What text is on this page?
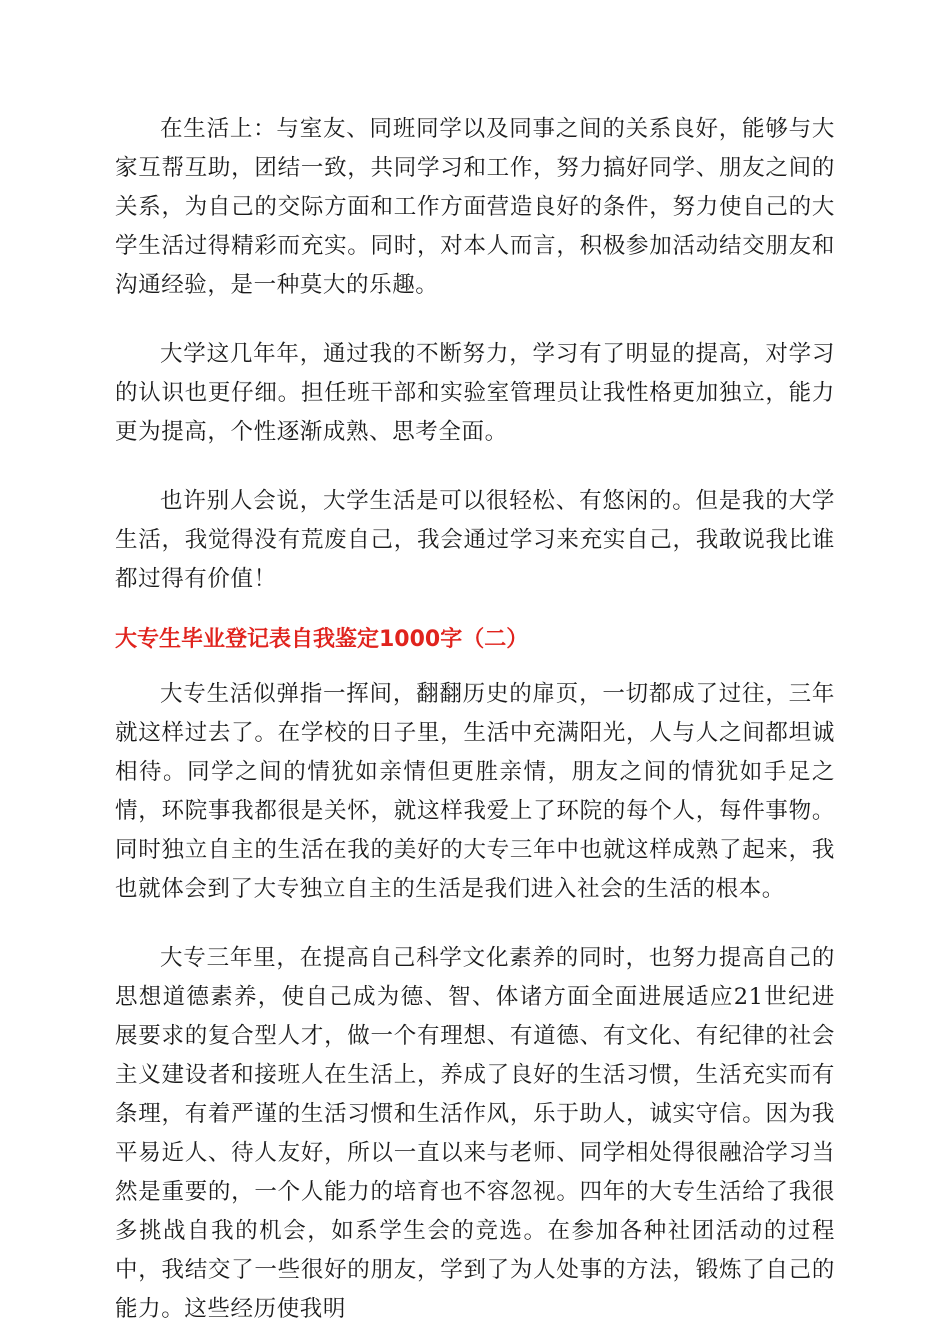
在生活上：与室友、同班同学以及同事之间的关系良好，能够与大家互帮互助，团结一致，共同学习和工作，努力搞好同学、朋友之间的关系，为自己的交际方面和工作方面营造良好的条件，努力使自己的大学生活过得精彩而充实。同时，对本人而言，积极参加活动结交朋友和沟通经验，是一种莫大的乐趣。

大学这几年年，通过我的不断努力，学习有了明显的提高，对学习的认识也更仔细。担任班干部和实验室管理员让我性格更加独立，能力更为提高，个性逐渐成熟、思考全面。

也许别人会说，大学生活是可以很轻松、有悠闲的。但是我的大学生活，我觉得没有荒废自己，我会通过学习来充实自己，我敢说我比谁都过得有价值！

大专生毕业登记表自我鉴定1000字（二）

大专生活似弹指一挥间，翻翻历史的扉页，一切都成了过往，三年就这样过去了。在学校的日子里，生活中充满阳光，人与人之间都坦诚相待。同学之间的情犹如亲情但更胜亲情，朋友之间的情犹如手足之情，环院事我都很是关怀，就这样我爱上了环院的每个人，每件事物。同时独立自主的生活在我的美好的大专三年中也就这样成熟了起来，我也就体会到了大专独立自主的生活是我们进入社会的生活的根本。

大专三年里，在提高自己科学文化素养的同时，也努力提高自己的思想道德素养，使自己成为德、智、体诸方面全面进展适应21世纪进展要求的复合型人才，做一个有理想、有道德、有文化、有纪律的社会主义建设者和接班人在生活上，养成了良好的生活习惯，生活充实而有条理，有着严谨的生活习惯和生活作风，乐于助人，诚实守信。因为我平易近人、待人友好，所以一直以来与老师、同学相处得很融洽学习当然是重要的，一个人能力的培育也不容忽视。四年的大专生活给了我很多挑战自我的机会，如系学生会的竞选。在参加各种社团活动的过程中，我结交了一些很好的朋友，学到了为人处事的方法，锻炼了自己的能力。这些经历使我明
